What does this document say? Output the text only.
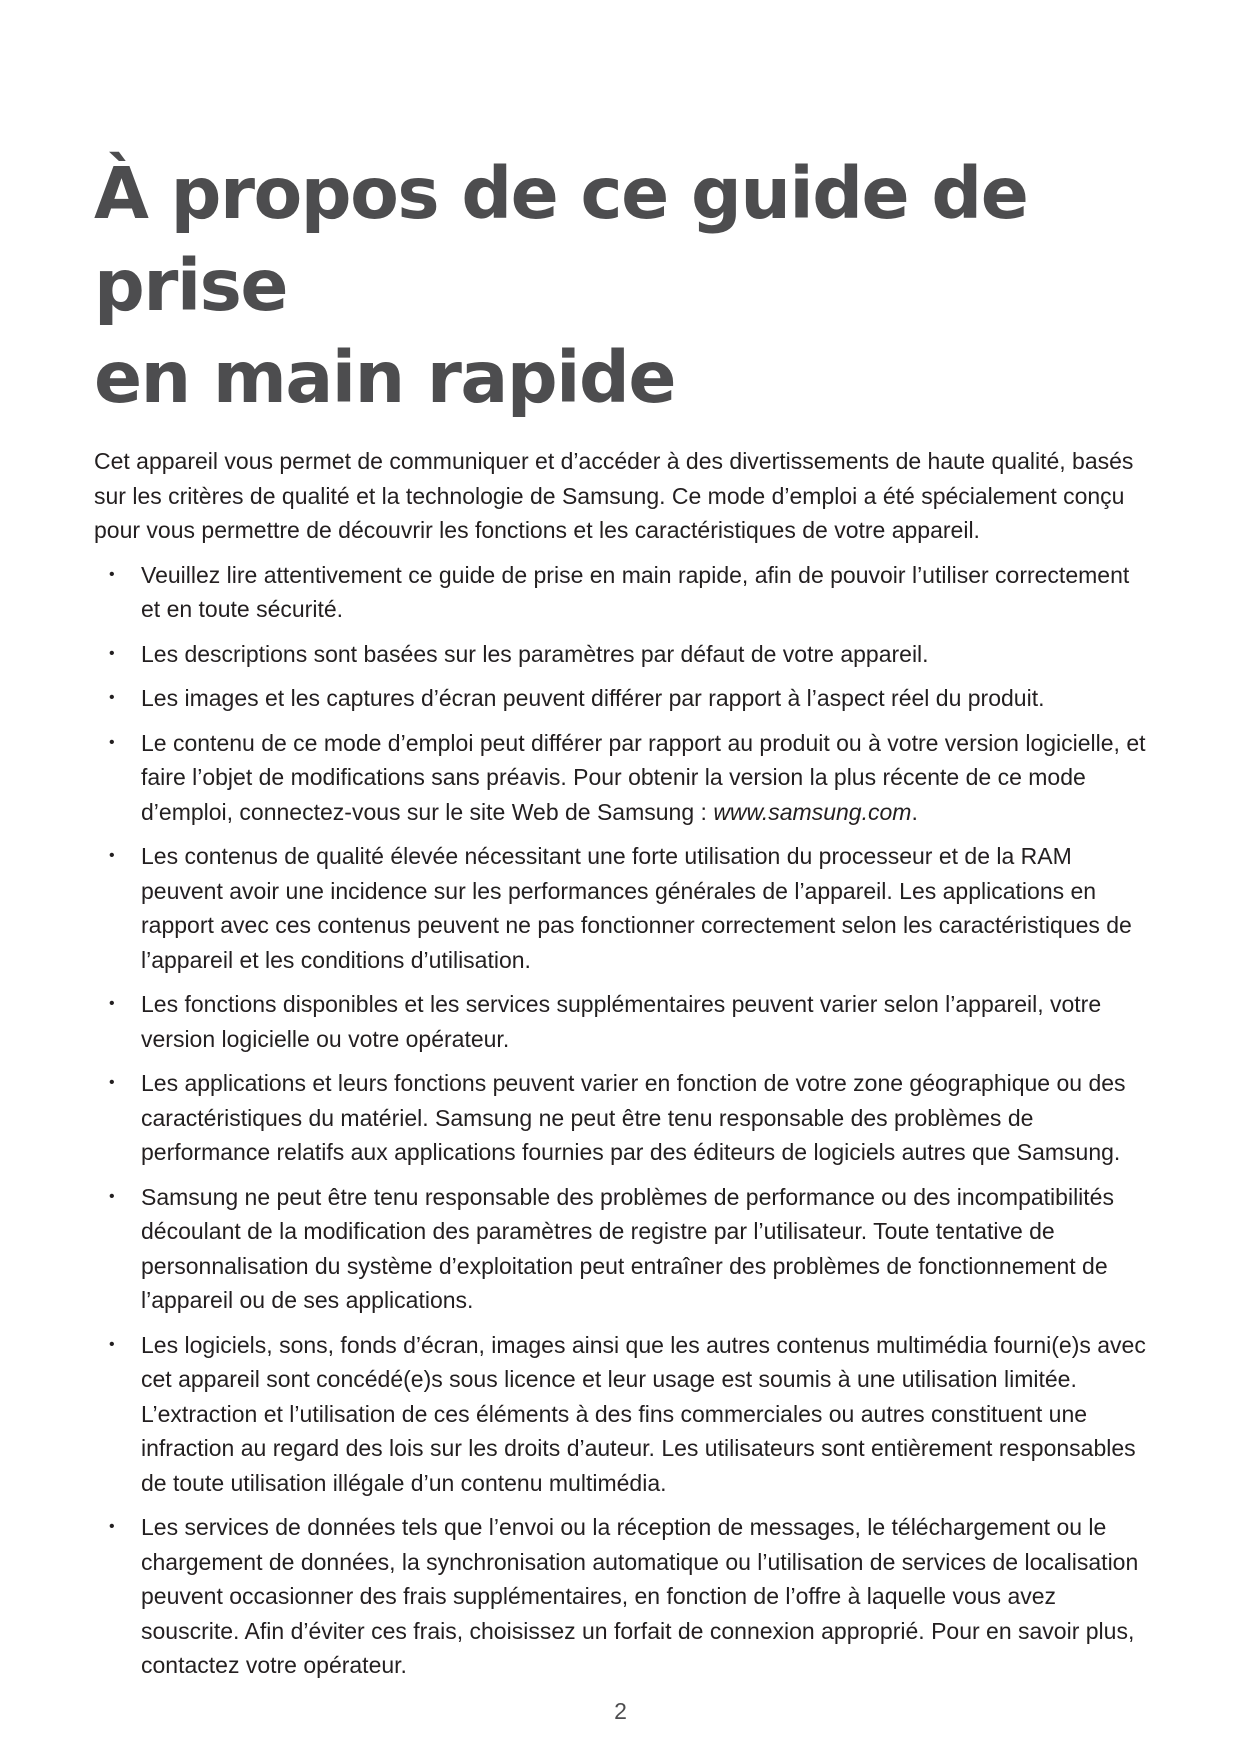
À propos de ce guide de prise
en main rapide

Cet appareil vous permet de communiquer et d’accéder à des divertissements de haute qualité, basés sur les critères de qualité et la technologie de Samsung. Ce mode d’emploi a été spécialement conçu pour vous permettre de découvrir les fonctions et les caractéristiques de votre appareil.

• Veuillez lire attentivement ce guide de prise en main rapide, afin de pouvoir l’utiliser correctement et en toute sécurité.
• Les descriptions sont basées sur les paramètres par défaut de votre appareil.
• Les images et les captures d’écran peuvent différer par rapport à l’aspect réel du produit.
• Le contenu de ce mode d’emploi peut différer par rapport au produit ou à votre version logicielle, et faire l’objet de modifications sans préavis. Pour obtenir la version la plus récente de ce mode d’emploi, connectez-vous sur le site Web de Samsung : www.samsung.com.
• Les contenus de qualité élevée nécessitant une forte utilisation du processeur et de la RAM peuvent avoir une incidence sur les performances générales de l’appareil. Les applications en rapport avec ces contenus peuvent ne pas fonctionner correctement selon les caractéristiques de l’appareil et les conditions d’utilisation.
• Les fonctions disponibles et les services supplémentaires peuvent varier selon l’appareil, votre version logicielle ou votre opérateur.
• Les applications et leurs fonctions peuvent varier en fonction de votre zone géographique ou des caractéristiques du matériel. Samsung ne peut être tenu responsable des problèmes de performance relatifs aux applications fournies par des éditeurs de logiciels autres que Samsung.
• Samsung ne peut être tenu responsable des problèmes de performance ou des incompatibilités découlant de la modification des paramètres de registre par l’utilisateur. Toute tentative de personnalisation du système d’exploitation peut entraîner des problèmes de fonctionnement de l’appareil ou de ses applications.
• Les logiciels, sons, fonds d’écran, images ainsi que les autres contenus multimédia fourni(e)s avec cet appareil sont concédé(e)s sous licence et leur usage est soumis à une utilisation limitée. L’extraction et l’utilisation de ces éléments à des fins commerciales ou autres constituent une infraction au regard des lois sur les droits d’auteur. Les utilisateurs sont entièrement responsables de toute utilisation illégale d’un contenu multimédia.
• Les services de données tels que l’envoi ou la réception de messages, le téléchargement ou le chargement de données, la synchronisation automatique ou l’utilisation de services de localisation peuvent occasionner des frais supplémentaires, en fonction de l’offre à laquelle vous avez souscrite. Afin d’éviter ces frais, choisissez un forfait de connexion approprié. Pour en savoir plus, contactez votre opérateur.
2
